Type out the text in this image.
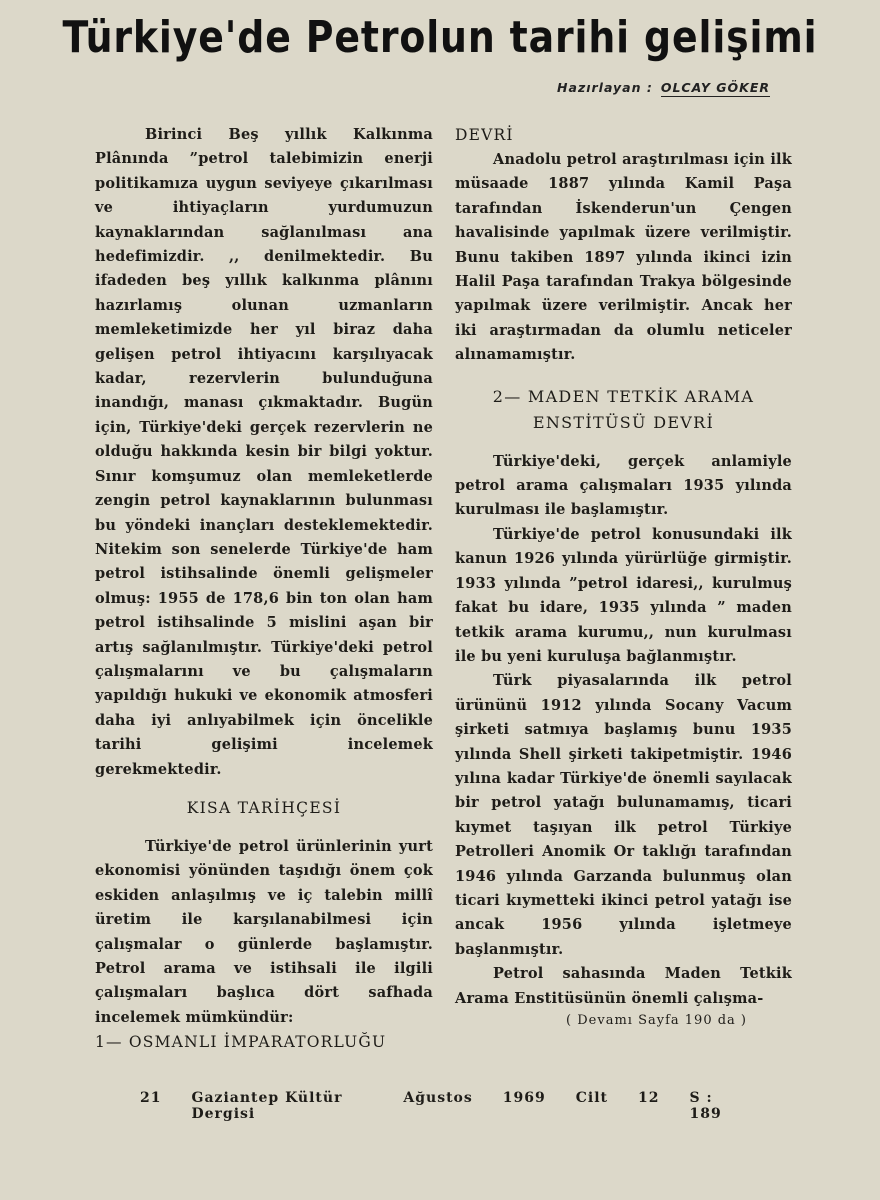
Türkiye'de Petrolun tarihi gelişimi
Hazırlayan : OLCAY GÖKER

Birinci Beş yıllık Kalkınma Plânında ”petrol talebimizin enerji politikamıza uygun seviyeye çıkarılması ve ihtiyaçların yurdumuzun kaynaklarından sağlanılması ana hedefimizdir. ,, denilmektedir. Bu ifadeden beş yıllık kalkınma plânını hazırlamış olunan uzmanların memleketimizde her yıl biraz daha gelişen petrol ihtiyacını karşılıyacak kadar, rezervlerin bulunduğuna inandığı, manası çıkmaktadır. Bugün için, Türkiye'deki gerçek rezervlerin ne olduğu hakkında kesin bir bilgi yoktur. Sınır komşumuz olan memleketlerde zengin petrol kaynaklarının bulunması bu yöndeki inançları desteklemektedir. Nitekim son senelerde Türkiye'de ham petrol istihsalinde önemli gelişmeler olmuş: 1955 de 178,6 bin ton olan ham petrol istihsalinde 5 mislini aşan bir artış sağlanılmıştır. Türkiye'deki petrol çalışmalarını ve bu çalışmaların yapıldığı hukuki ve ekonomik atmosferi daha iyi anlıyabilmek için öncelikle tarihi gelişimi incelemek gerekmektedir.

KISA TARİHÇESİ

Türkiye'de petrol ürünlerinin yurt ekonomisi yönünden taşıdığı önem çok eskiden anlaşılmış ve iç talebin millî üretim ile karşılanabilmesi için çalışmalar o günlerde başlamıştır. Petrol arama ve istihsali ile ilgili çalışmaları başlıca dört safhada incelemek mümkündür:

1— OSMANLI İMPARATORLUĞU
DEVRİ

Anadolu petrol araştırılması için ilk müsaade 1887 yılında Kamil Paşa tarafından İskenderun'un Çengen havalisinde yapılmak üzere verilmiştir. Bunu takiben 1897 yılında ikinci izin Halil Paşa tarafından Trakya bölgesinde yapılmak üzere verilmiştir. Ancak her iki araştırmadan da olumlu neticeler alınamamıştır.

2— MADEN TETKİK ARAMA
ENSTİTÜSÜ DEVRİ

Türkiye'deki, gerçek anlamiyle petrol arama çalışmaları 1935 yılında kurulması ile başlamıştır.

Türkiye'de petrol konusundaki ilk kanun 1926 yılında yürürlüğe girmiştir. 1933 yılında ”petrol idaresi,, kurulmuş fakat bu idare, 1935 yılında ” maden tetkik arama kurumu,, nun kurulması ile bu yeni kuruluşa bağlanmıştır.

Türk piyasalarında ilk petrol ürününü 1912 yılında Socany Vacum şirketi satmıya başlamış bunu 1935 yılında Shell şirketi takipetmiştir. 1946 yılına kadar Türkiye'de önemli sayılacak bir petrol yatağı bulunamamış, ticari kıymet taşıyan ilk petrol Türkiye Petrolleri Anomik Or taklığı tarafından 1946 yılında Garzanda bulunmuş olan ticari kıymetteki ikinci petrol yatağı ise ancak 1956 yılında işletmeye başlanmıştır.

Petrol sahasında Maden Tetkik Arama Enstitüsünün önemli çalışma-

( Devamı Sayfa 190 da )
21 Gaziantep Kültür Dergisi
Ağustos 1969 Cilt 12 S : 189
